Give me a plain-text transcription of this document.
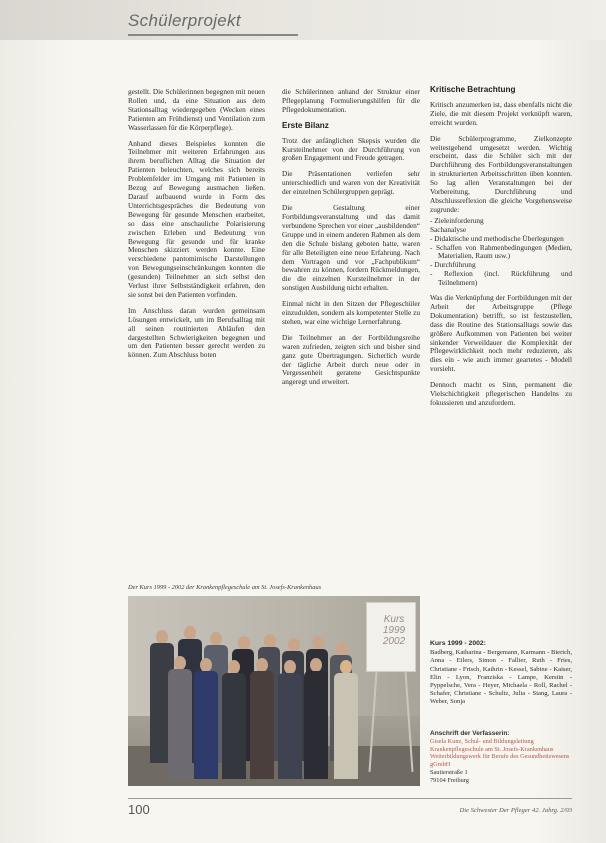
Schülerprojekt

gestellt. Die Schülerinnen begegnen mit neuen Rollen und, da eine Situation aus dem Stationsalltag wiedergegeben (Wecken eines Patienten am Frühdienst) und Ventilation zum Wasserlassen für die Körperpflege).

Anhand dieses Beispieles konnten die Teilnehmer mit weiteren Erfahrungen aus ihrem beruflichen Alltag die Situation der Patienten beleuchten, welches sich bereits Problemfelder im Umgang mit Patienten in Bezug auf Bewegung ausmachen ließen. Darauf aufbauend wurde in Form des Unterrichtsgespräches die Bedeutung von Bewegung für gesunde Menschen erarbeitet, so dass eine anschauliche Polarisierung zwischen Erleben und Bedeutung von Bewegung für gesunde und für kranke Menschen skizziert werden konnte. Eine verschiedene pantomimische Darstellungen von Bewegungseinschränkungen konnten die (gesunden) Teilnehmer an sich selbst den Verlust ihrer Selbstständigkeit erfahren, den sie sonst bei den Patienten vorfinden.

Im Anschluss daran wurden gemeinsam Lösungen entwickelt, um im Berufsalltag mit all seinen routinierten Abläufen den dargestellten Schwierigkeiten begegnen und um den Patienten besser gerecht werden zu können. Zum Abschluss boten

die Schülerinnen anhand der Struktur einer Pflegeplanung Formulierungshilfen für die Pflegedokumentation.

Erste Bilanz

Trotz der anfänglichen Skepsis wurden die Kursteilnehmer von der Durchführung von großen Engagement und Freude getragen.

Die Präsentationen verliefen sehr unterschiedlich und waren von der Kreativität der einzelnen Schülergruppen geprägt.

Die Gestaltung einer Fortbildungsveranstaltung und das damit verbundene Sprechen vor einer „ausbildenden“ Gruppe und in einem anderen Rahmen als dem den die Schule bislang geboten hatte, waren für alle Beteiligten eine neue Erfahrung. Nach dem Vortragen und vor „Fachpublikum“ bewahren zu können, fordern Rückmeldungen, die die einzelnen Kursteilnehmer in der sonstigen Ausbildung nicht erhalten.

Einmal nicht in den Sitzen der Pflegeschüler einzudulden, sondern als kompetenter Stelle zu stehen, war eine wichtige Lernerfahrung.

Die Teilnehmer an der Fortbildungsreihe waren zufrieden, zeigten sich und bisher sind ganz gute Übertragungen. Sicherlich wurde der tägliche Arbeit durch neue oder in Vergessenheit geratene Gesichtspunkte angeregt und erweitert.

Kritische Betrachtung

Kritisch anzumerken ist, dass ebenfalls nicht die Ziele, die mit diesem Projekt verknüpft waren, erreicht wurden.

Die Schülerprogramme, Zielkonzepte weitestgehend umgesetzt werden. Wichtig erscheint, dass die Schüler sich mit der Durchführung des Fortbildungsveranstaltungen in strukturierten Arbeitsschritten üben konnten. So lag allen Veranstaltungen bei der Vorbereitung, Durchführung und Abschlussreflexion die gleiche Vorgehensweise zugrunde:

- Zieleinforderung
Sachanalyse
- Didaktische und methodische Überlegungen
- Schaffen von Rahmenbedingungen (Medien, Materialien, Raum usw.)
- Durchführung
- Reflexion (incl. Rückführung und Teilnehmern)

Was die Verknüpfung der Fortbildungen mit der Arbeit der Arbeitsgruppe (Pflege Dokumentation) betrifft, so ist festzustellen, dass die Routine des Stationsalltags sowie das größere Aufkommen von Patienten bei weiter sinkender Verweildauer die Komplexität der Pflegewirklichkeit noch mehr reduzieren, als dies ein - wie auch immer geartetes - Modell vorsieht.

Dennoch macht es Sinn, permanent die Vielschichtigkeit pflegerischen Handelns zu fokussieren und anzufordern.

Der Kurs 1999 - 2002 der Krankenpflegeschule am St. Josefs-Krankenhaus
Kurs
1999
2002	Kurs 1999 - 2002:
Badberg, Katharina - Bergemann, Karmann - Bierich, Anna - Eilers, Simon - Fallier, Ruth - Fries, Christiane - Frisch, Kathrin - Kessel, Sabine - Kaiser, Elin - Lyon, Franziska - Lampe, Kerstin - Pyppelsche, Vera - Heyer, Michaela - Roll, Rachel - Schafer, Christiane - Schultz, Julia - Stang, Laura - Weber, Sonja
Anschrift der Verfasserin:
Gisela Kunz, Schul- und Bildungsleitung
Krankenpflegeschule am St. Josefs-Krankenhaus
Weiterbildungswerk für Berufe des Gesundheitswesens gGmbH
Sautierstraße 1
79104 Freiburg
100	Die Schwester Der Pfleger 42. Jahrg. 2/03
